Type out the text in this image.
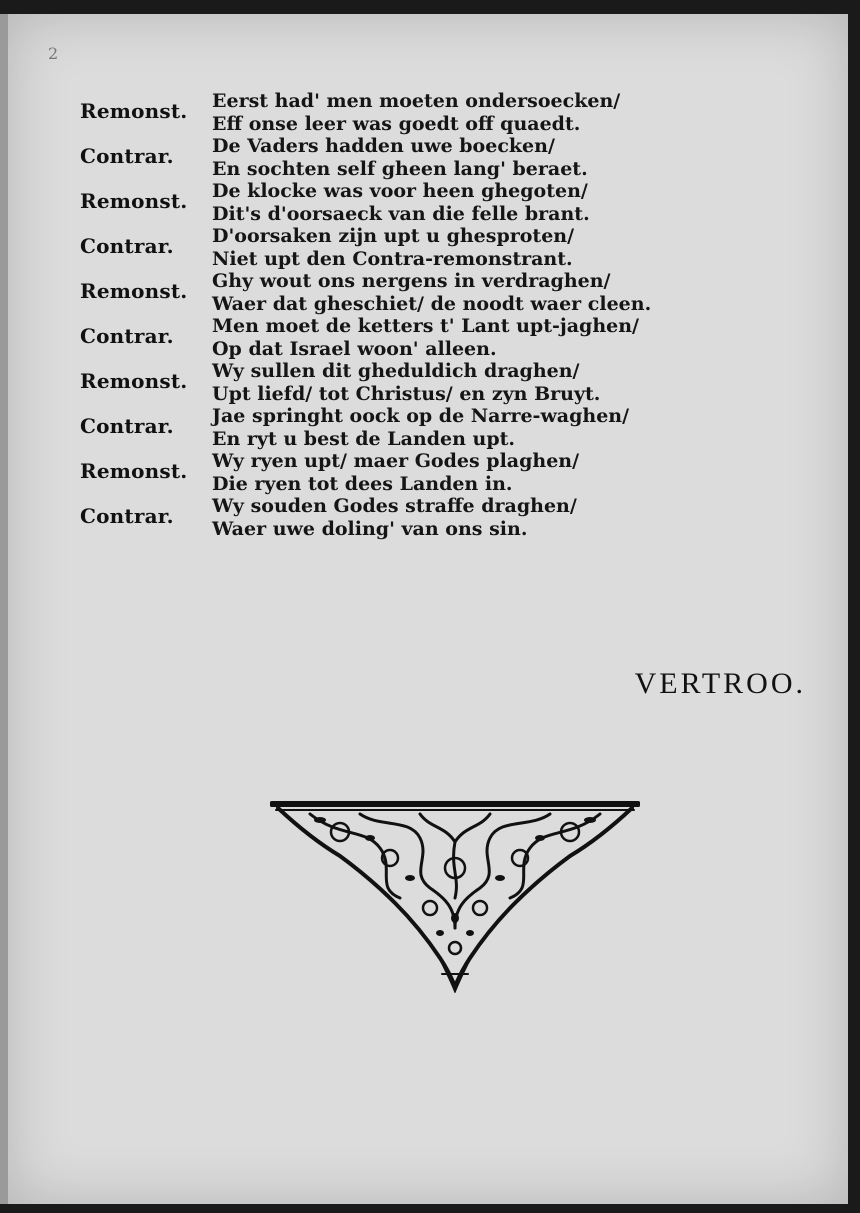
2
Remonst.	Eerst had' men moeten ondersoecken/
Eff onse leer was goedt off quaedt.
Contrar.	De Vaders hadden uwe boecken/
En sochten self gheen lang' beraet.
Remonst.	De klocke was voor heen ghegoten/
Dit's d'oorsaeck van die felle brant.
Contrar.	D'oorsaken zijn upt u ghesproten/
Niet upt den Contra-remonstrant.
Remonst.	Ghy wout ons nergens in verdraghen/
Waer dat gheschiet/ de noodt waer cleen.
Contrar.	Men moet de ketters t' Lant upt-jaghen/
Op dat Israel woon' alleen.
Remonst.	Wy sullen dit gheduldich draghen/
Upt liefd/ tot Christus/ en zyn Bruyt.
Contrar.	Jae springht oock op de Narre-waghen/
En ryt u best de Landen upt.
Remonst.	Wy ryen upt/ maer Godes plaghen/
Die ryen tot dees Landen in.
Contrar.	Wy souden Godes straffe draghen/
Waer uwe doling' van ons sin.
VERTROO.
